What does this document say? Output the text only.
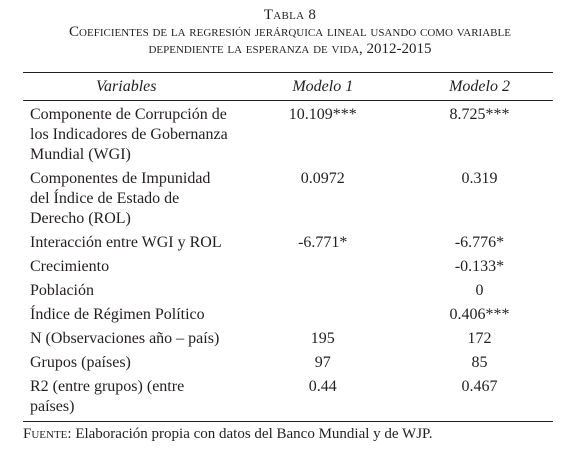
Tabla 8
Coeficientes de la regresión jerárquica lineal usando como variable
dependiente la esperanza de vida, 2012-2015
Variables	Modelo 1	Modelo 2
Componente de Corrupción de los Indicadores de Gobernanza Mundial (WGI)	10.109***	8.725***
Componentes de Impunidad del Índice de Estado de Derecho (ROL)	0.0972	0.319
Interacción entre WGI y ROL	-6.771*	-6.776*
Crecimiento		-0.133*
Población		0
Índice de Régimen Político		0.406***
N (Observaciones año – país)	195	172
Grupos (países)	97	85
R2 (entre grupos) (entre países)	0.44	0.467
Fuente: Elaboración propia con datos del Banco Mundial y de WJP.
